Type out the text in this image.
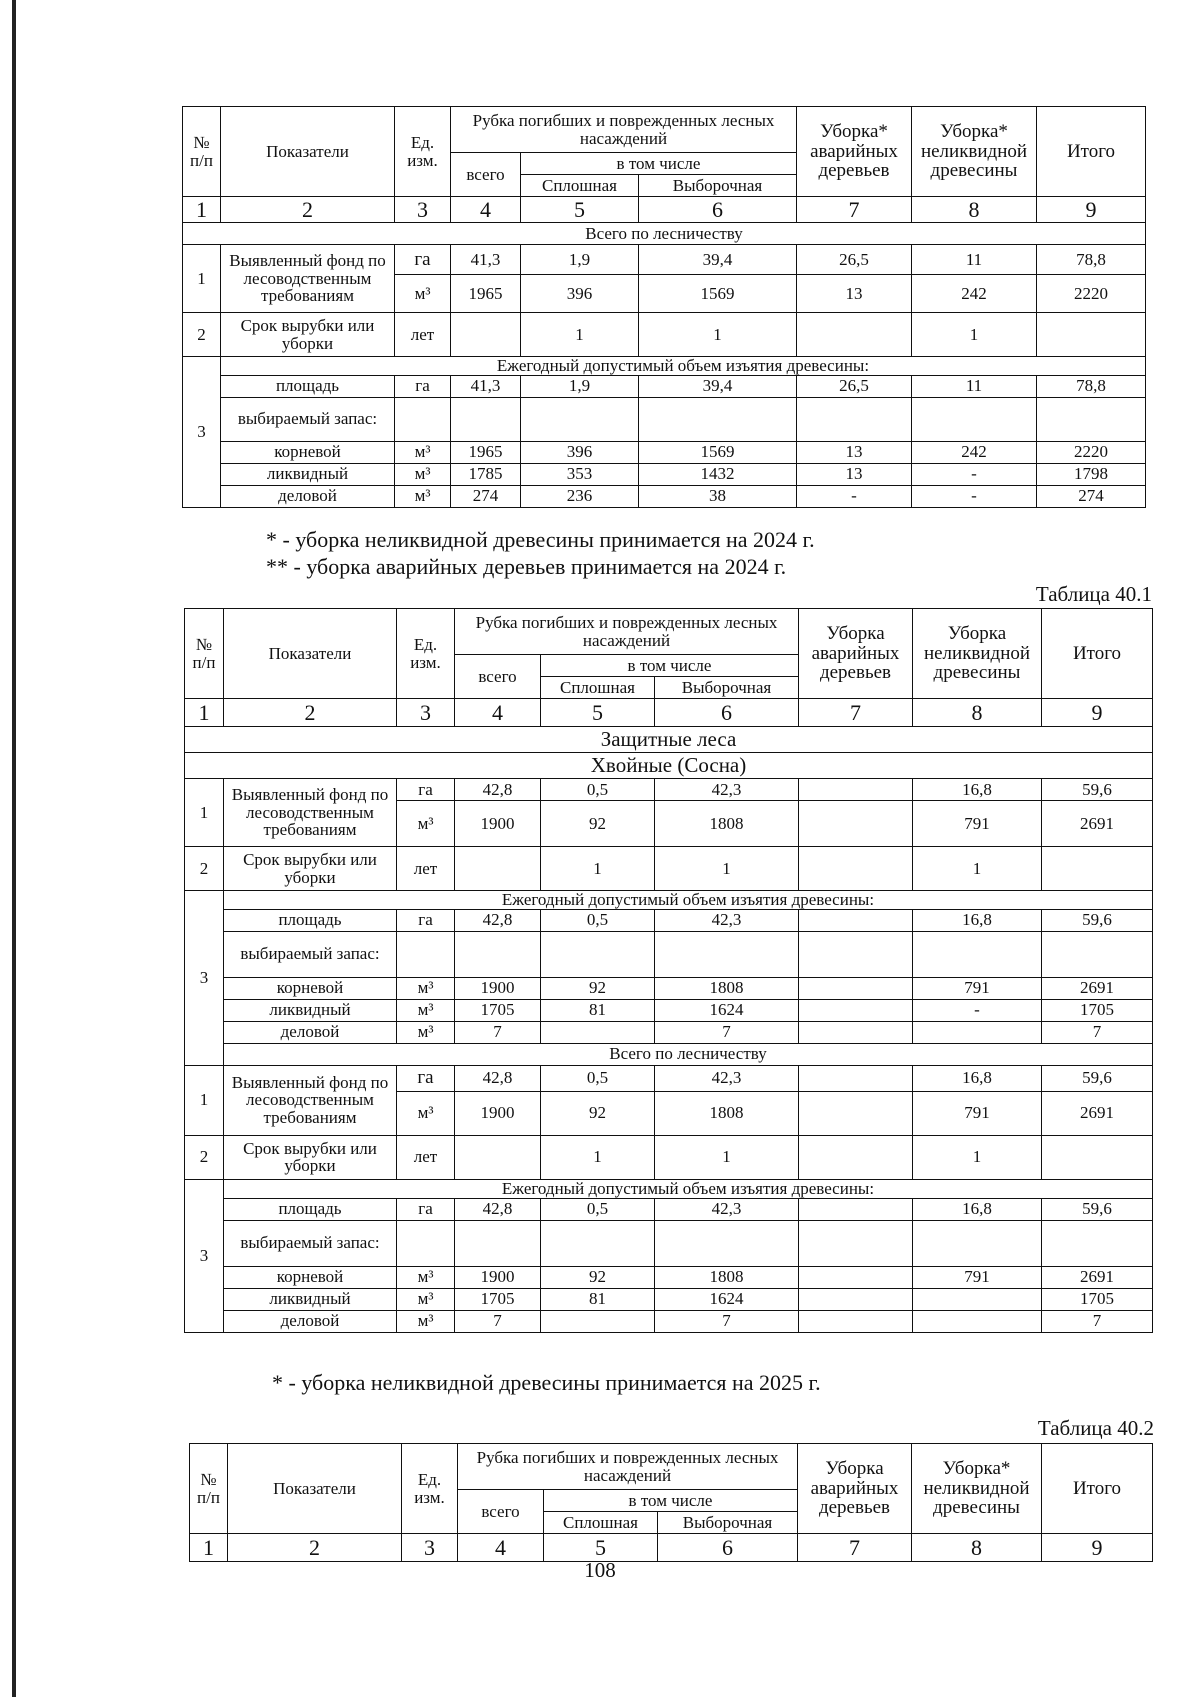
№ п/п	Показатели	Ед. изм.	Рубка погибших и поврежденных лесных насаждений			Уборка* аварийных деревьев	Уборка* неликвидной древесины	Итого
			всего	в том числе				
				Сплошная	Выборочная			
1	2	3	4	5	6	7	8	9
Всего по лесничеству								
1	Выявленный фонд по лесоводственным требованиям	га	41,3	1,9	39,4	26,5	11	78,8
		м³	1965	396	1569	13	242	2220
2	Срок вырубки или уборки	лет		1	1		1	
3	Ежегодный допустимый объем изъятия древесины:							
	площадь	га	41,3	1,9	39,4	26,5	11	78,8
	выбираемый запас:							
	корневой	м³	1965	396	1569	13	242	2220
	ликвидный	м³	1785	353	1432	13	-	1798
	деловой	м³	274	236	38	-	-	274
* - уборка неликвидной древесины принимается на 2024 г.
** - уборка аварийных деревьев принимается на 2024 г.
Таблица 40.1
№ п/п	Показатели	Ед. изм.	Рубка погибших и поврежденных лесных насаждений			Уборка аварийных деревьев	Уборка неликвидной древесины	Итого
			всего	в том числе				
				Сплошная	Выборочная			
1	2	3	4	5	6	7	8	9
Защитные леса								
Хвойные (Сосна)								
1	Выявленный фонд по лесоводственным требованиям	га	42,8	0,5	42,3		16,8	59,6
		м³	1900	92	1808		791	2691
2	Срок вырубки или уборки	лет		1	1		1	
3	Ежегодный допустимый объем изъятия древесины:							
	площадь	га	42,8	0,5	42,3		16,8	59,6
	выбираемый запас:							
	корневой	м³	1900	92	1808		791	2691
	ликвидный	м³	1705	81	1624		-	1705
	деловой	м³	7		7			7
	Всего по лесничеству							
1	Выявленный фонд по лесоводственным требованиям	га	42,8	0,5	42,3		16,8	59,6
		м³	1900	92	1808		791	2691
2	Срок вырубки или уборки	лет		1	1		1	
3	Ежегодный допустимый объем изъятия древесины:							
	площадь	га	42,8	0,5	42,3		16,8	59,6
	выбираемый запас:							
	корневой	м³	1900	92	1808		791	2691
	ликвидный	м³	1705	81	1624			1705
	деловой	м³	7		7			7
* - уборка неликвидной древесины принимается на 2025 г.
Таблица 40.2
№ п/п	Показатели	Ед. изм.	Рубка погибших и поврежденных лесных насаждений			Уборка аварийных деревьев	Уборка* неликвидной древесины	Итого
			всего	в том числе				
				Сплошная	Выборочная			
1	2	3	4	5	6	7	8	9
108
